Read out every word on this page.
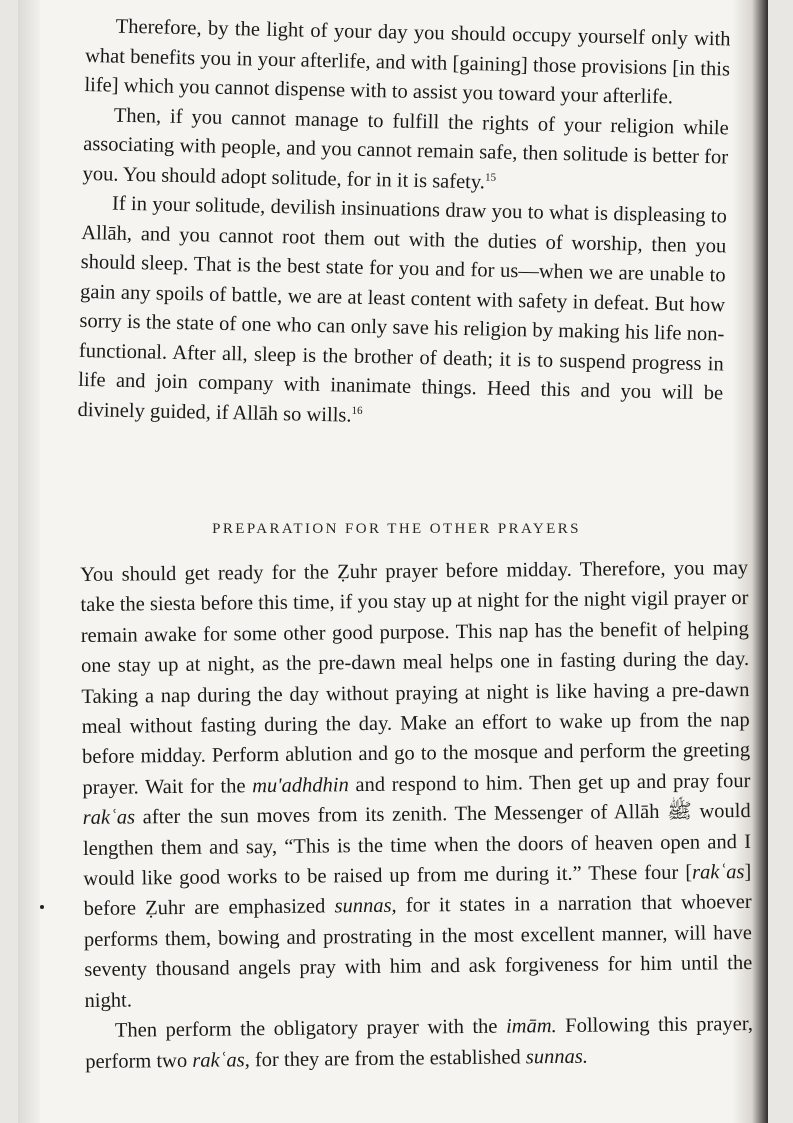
Therefore, by the light of your day you should occupy yourself only with what benefits you in your afterlife, and with [gaining] those provisions [in this life] which you cannot dispense with to assist you toward your afterlife.

Then, if you cannot manage to fulfill the rights of your religion while associating with people, and you cannot remain safe, then solitude is better for you. You should adopt solitude, for in it is safety.$^{15}$

If in your solitude, devilish insinuations draw you to what is displeasing to Allāh, and you cannot root them out with the duties of worship, then you should sleep. That is the best state for you and for us—when we are unable to gain any spoils of battle, we are at least content with safety in defeat. But how sorry is the state of one who can only save his religion by making his life non-functional. After all, sleep is the brother of death; it is to suspend progress in life and join company with inanimate things. Heed this and you will be divinely guided, if Allāh so wills.$^{16}$

PREPARATION FOR THE OTHER PRAYERS

You should get ready for the Ẓuhr prayer before midday. Therefore, you may take the siesta before this time, if you stay up at night for the night vigil prayer or remain awake for some other good purpose. This nap has the benefit of helping one stay up at night, as the pre-dawn meal helps one in fasting during the day. Taking a nap during the day without praying at night is like having a pre-dawn meal without fasting during the day. Make an effort to wake up from the nap before midday. Perform ablution and go to the mosque and perform the greeting prayer. Wait for the mu'adhdhin and respond to him. Then get up and pray four rakʿas after the sun moves from its zenith. The Messenger of Allāh ﷺ would lengthen them and say, “This is the time when the doors of heaven open and I would like good works to be raised up from me during it.” These four [rakʿas] before Ẓuhr are emphasized sunnas, for it states in a narration that whoever performs them, bowing and prostrating in the most excellent manner, will have seventy thousand angels pray with him and ask forgiveness for him until the night.

Then perform the obligatory prayer with the imām. Following this prayer, perform two rakʿas, for they are from the established sunnas.
